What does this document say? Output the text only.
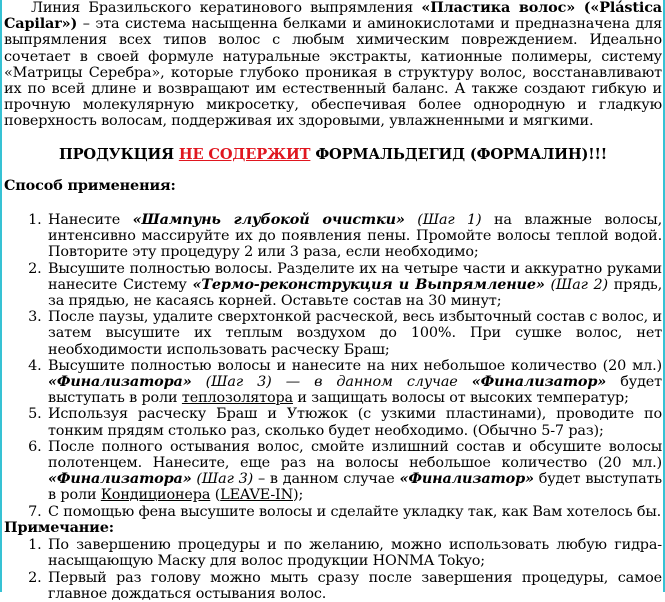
Линия Бразильского кератинового выпрямления «Пластика волос» («Plástica Capilar») – эта система насыщенна белками и аминокислотами и предназначена для выпрямления всех типов волос с любым химическим повреждением. Идеально сочетает в своей формуле натуральные экстракты, катионные полимеры, систему «Матрицы Серебра», которые глубоко проникая в структуру волос, восстанавливают их по всей длине и возвращают им естественный баланс. А также создают гибкую и прочную молекулярную микросетку, обеспечивая более однородную и гладкую поверхность волосам, поддерживая их здоровыми, увлажненными и мягкими.

ПРОДУКЦИЯ НЕ СОДЕРЖИТ ФОРМАЛЬДЕГИД (ФОРМАЛИН)!!!

Способ применения:

1. Нанесите «Шампунь глубокой очистки» (Шаг 1) на влажные волосы, интенсивно массируйте их до появления пены. Промойте волосы теплой водой. Повторите эту процедуру 2 или 3 раза, если необходимо;
2. Высушите полностью волосы. Разделите их на четыре части и аккуратно руками нанесите Систему «Термо-реконструкция и Выпрямление» (Шаг 2) прядь, за прядью, не касаясь корней. Оставьте состав на 30 минут;
3. После паузы, удалите сверхтонкой расческой, весь избыточный состав с волос, и затем высушите их теплым воздухом до 100%. При сушке волос, нет необходимости использовать расческу Браш;
4. Высушите полностью волосы и нанесите на них небольшое количество (20 мл.) «Финализатора» (Шаг 3) — в данном случае «Финализатор» будет выступать в роли теплозолятора и защищать волосы от высоких температур;
5. Используя расческу Браш и Утюжок (с узкими пластинами), проводите по тонким прядям столько раз, сколько будет необходимо. (Обычно 5-7 раз);
6. После полного остывания волос, смойте излишний состав и обсушите волосы полотенцем. Нанесите, еще раз на волосы небольшое количество (20 мл.) «Финализатора» (Шаг 3) – в данном случае «Финализатор» будет выступать в роли Кондиционера (LEAVE-IN);
7. С помощью фена высушите волосы и сделайте укладку так, как Вам хотелось бы.

Примечание:

1. По завершению процедуры и по желанию, можно использовать любую гидра-насыщающую Маску для волос продукции HONMA Tokyo;
2. Первый раз голову можно мыть сразу после завершения процедуры, самое главное дождаться остывания волос.
